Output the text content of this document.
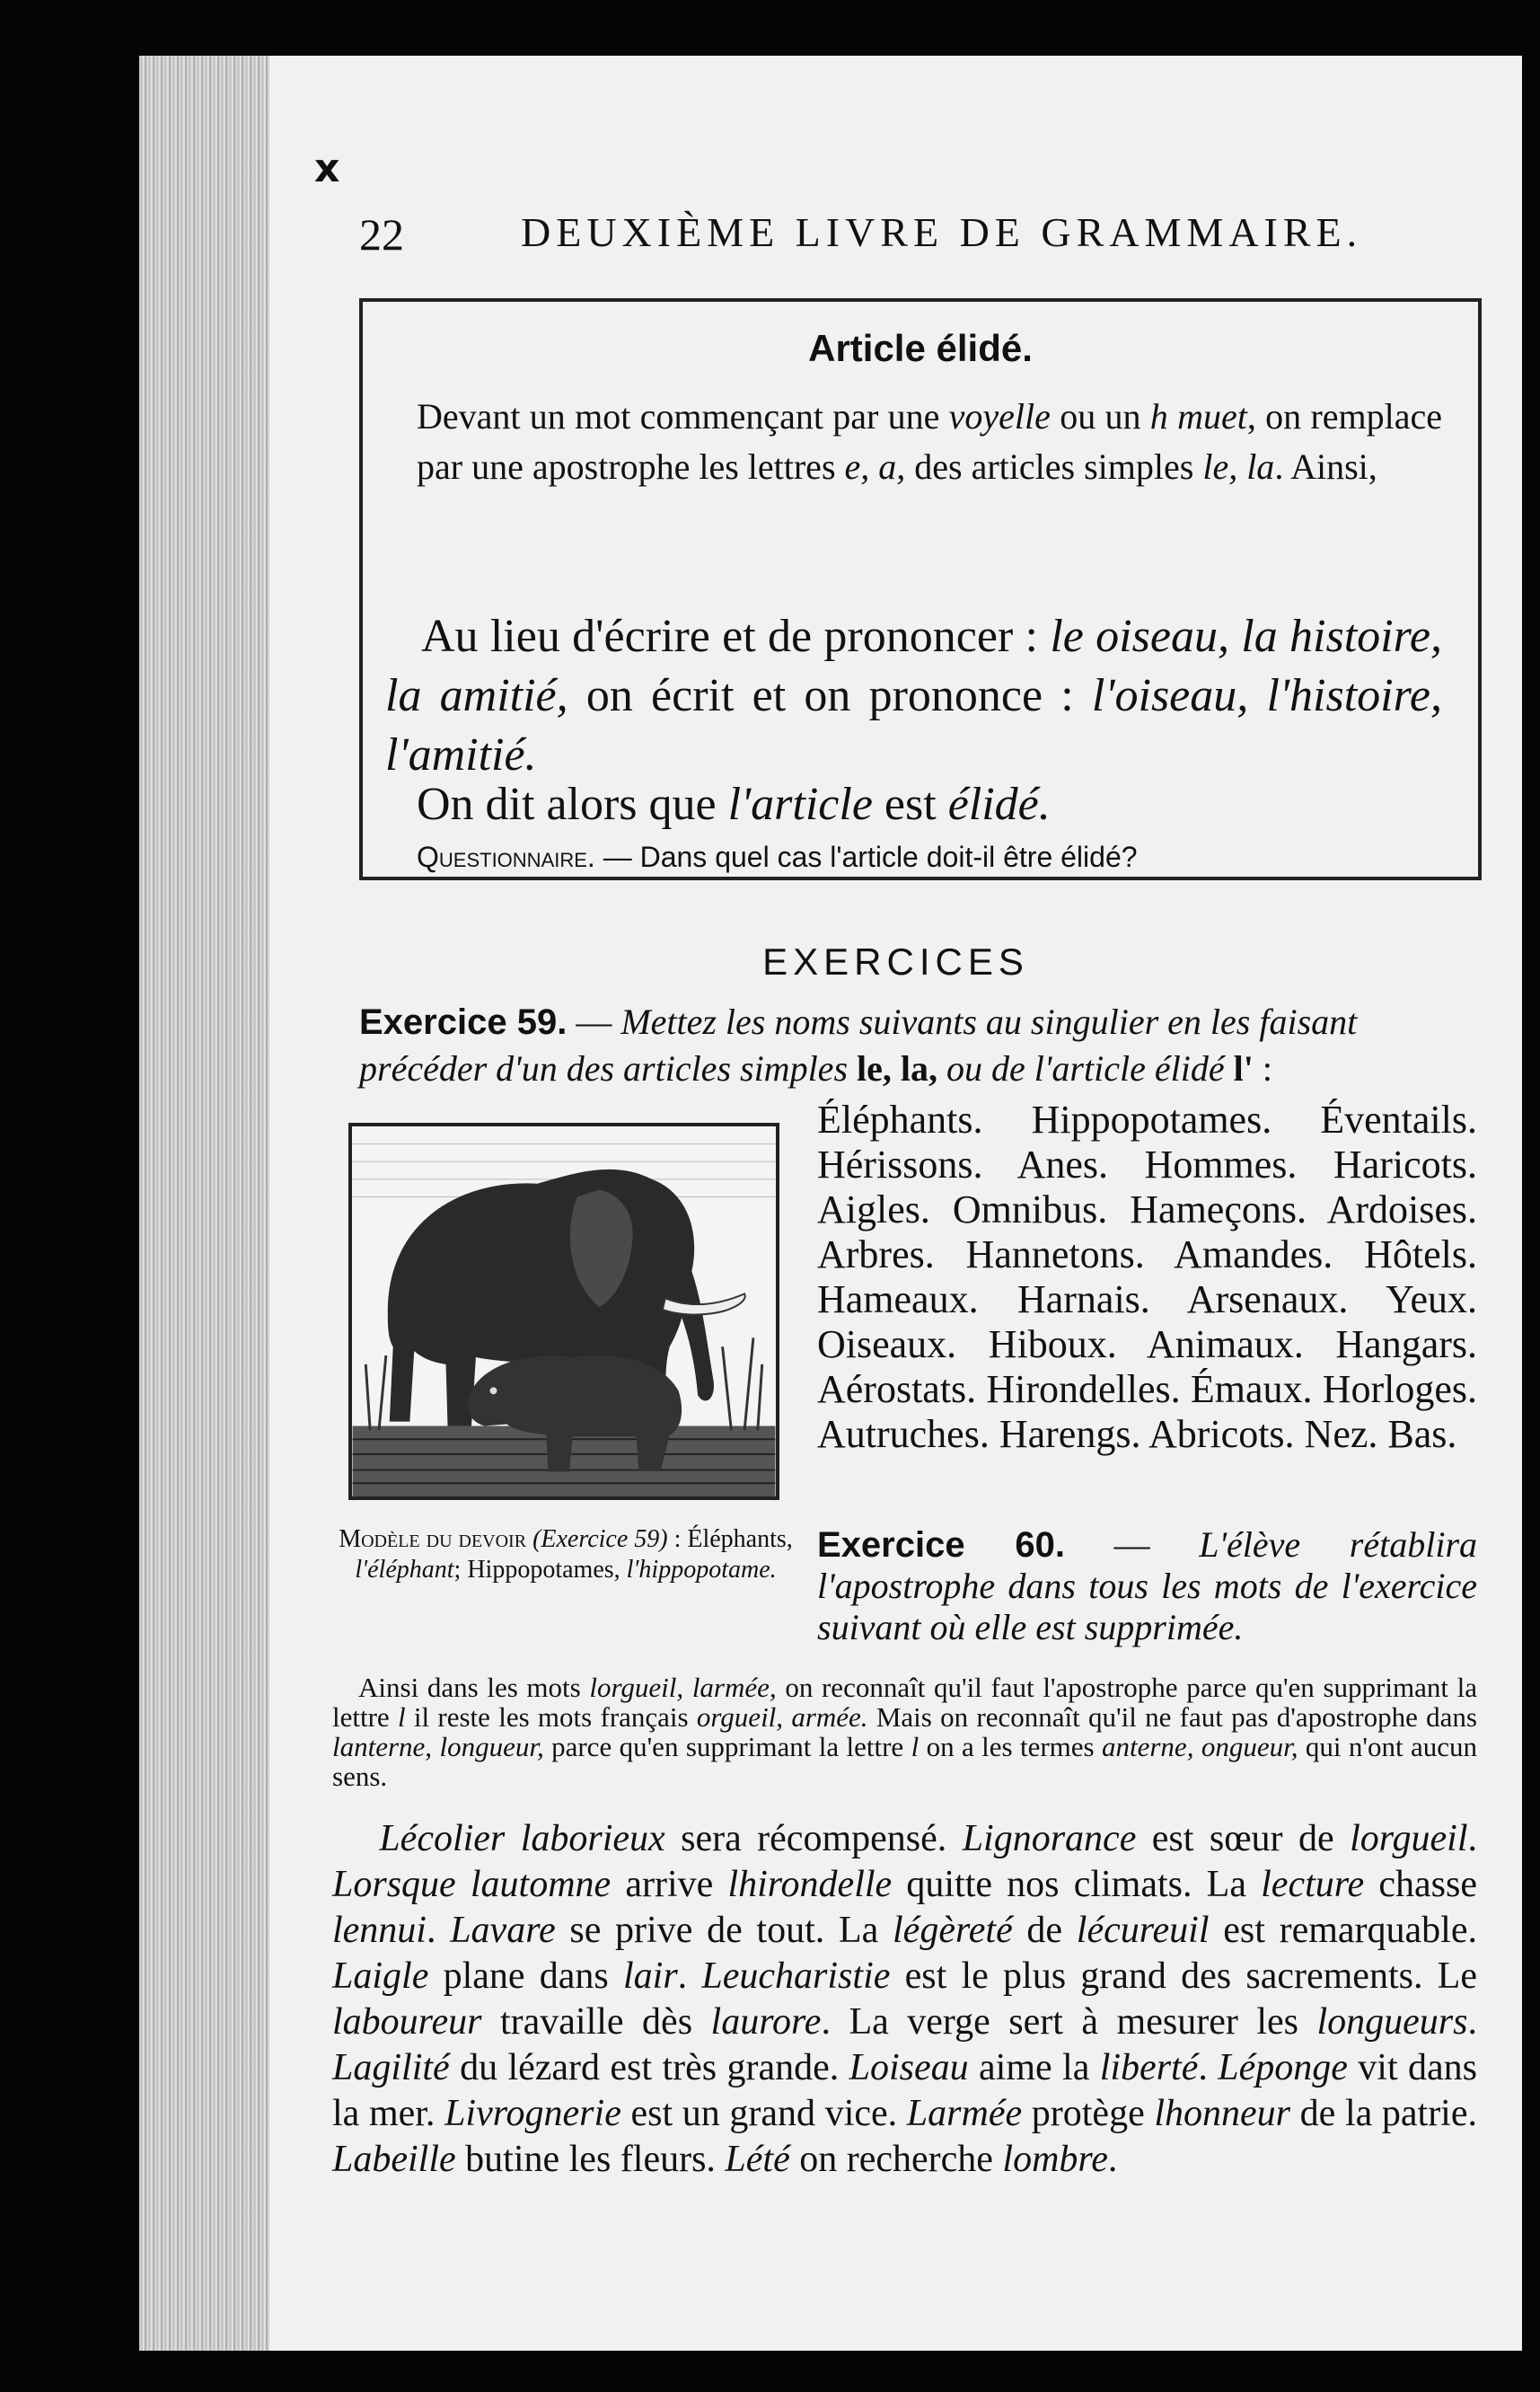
x
22	DEUXIÈME LIVRE DE GRAMMAIRE.
Article élidé.
Devant un mot commençant par une voyelle ou un h muet, on remplace par une apostrophe les lettres e, a, des articles simples le, la. Ainsi,
Au lieu d'écrire et de prononcer : le oiseau, la histoire, la amitié, on écrit et on prononce : l'oiseau, l'histoire, l'amitié.
On dit alors que l'article est élidé.
Questionnaire. — Dans quel cas l'article doit-il être élidé?
EXERCICES
Exercice 59. — Mettez les noms suivants au singulier en les faisant précéder d'un des articles simples le, la, ou de l'article élidé l' :
Modèle du devoir (Exercice 59) : Éléphants, l'éléphant; Hippopotames, l'hippopotame.
Éléphants. Hippopotames. Éventails. Hérissons. Anes. Hommes. Haricots. Aigles. Omnibus. Hameçons. Ardoises. Arbres. Hannetons. Amandes. Hôtels. Hameaux. Harnais. Arsenaux. Yeux. Oiseaux. Hiboux. Animaux. Hangars. Aérostats. Hirondelles. Émaux. Horloges. Autruches. Harengs. Abricots. Nez. Bas.
Exercice 60. — L'élève rétablira l'apostrophe dans tous les mots de l'exercice suivant où elle est supprimée.
Ainsi dans les mots lorgueil, larmée, on reconnaît qu'il faut l'apostrophe parce qu'en supprimant la lettre l il reste les mots français orgueil, armée. Mais on reconnaît qu'il ne faut pas d'apostrophe dans lanterne, longueur, parce qu'en supprimant la lettre l on a les termes anterne, ongueur, qui n'ont aucun sens.
Lécolier laborieux sera récompensé. Lignorance est sœur de lorgueil. Lorsque lautomne arrive lhirondelle quitte nos climats. La lecture chasse lennui. Lavare se prive de tout. La légèreté de lécureuil est remarquable. Laigle plane dans lair. Leucharistie est le plus grand des sacrements. Le laboureur travaille dès laurore. La verge sert à mesurer les longueurs. Lagilité du lézard est très grande. Loiseau aime la liberté. Léponge vit dans la mer. Livrognerie est un grand vice. Larmée protège lhonneur de la patrie. Labeille butine les fleurs. Lété on recherche lombre.
